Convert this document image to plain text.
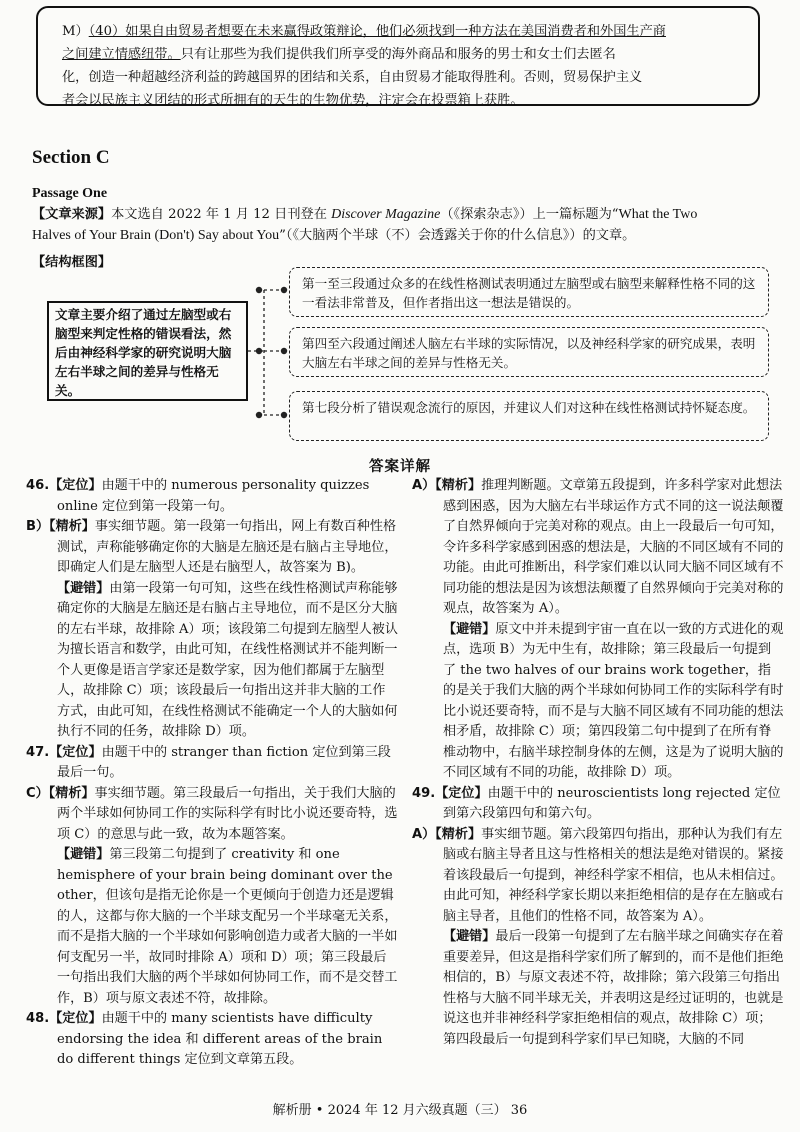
M）（40）如果自由贸易者想要在未来赢得政策辩论，他们必须找到一种方法在美国消费者和外国生产商
之间建立情感纽带。只有让那些为我们提供我们所享受的海外商品和服务的男士和女士们去匿名
化，创造一种超越经济利益的跨越国界的团结和关系，自由贸易才能取得胜利。否则，贸易保护主义
者会以民族主义团结的形式所拥有的天生的生物优势，注定会在投票箱上获胜。
Section C
Passage One
【文章来源】本文选自 2022 年 1 月 12 日刊登在 Discover Magazine（《探索杂志》）上一篇标题为“What the Two
Halves of Your Brain (Don't) Say about You”（《大脑两个半球（不）会透露关于你的什么信息》）的文章。
【结构框图】
文章主要介绍了通过左脑型或右脑型来判定性格的错误看法，然后由神经科学家的研究说明大脑左右半球之间的差异与性格无关。
第一至三段通过众多的在线性格测试表明通过左脑型或右脑型来解释性格不同的这一看法非常普及，但作者指出这一想法是错误的。
第四至六段通过阐述人脑左右半球的实际情况，以及神经科学家的研究成果，表明大脑左右半球之间的差异与性格无关。
第七段分析了错误观念流行的原因，并建议人们对这种在线性格测试持怀疑态度。
答案详解

46.【定位】由题干中的 numerous personality quizzes online 定位到第一段第一句。

B）【精析】事实细节题。第一段第一句指出，网上有数百种性格测试，声称能够确定你的大脑是左脑还是右脑占主导地位，即确定人们是左脑型人还是右脑型人，故答案为 B)。

【避错】由第一段第一句可知，这些在线性格测试声称能够确定你的大脑是左脑还是右脑占主导地位，而不是区分大脑的左右半球，故排除 A）项；该段第二句提到左脑型人被认为擅长语言和数学，由此可知，在线性格测试并不能判断一个人更像是语言学家还是数学家，因为他们都属于左脑型人，故排除 C）项；该段最后一句指出这并非大脑的工作方式，由此可知，在线性格测试不能确定一个人的大脑如何执行不同的任务，故排除 D）项。

47.【定位】由题干中的 stranger than fiction 定位到第三段最后一句。

C）【精析】事实细节题。第三段最后一句指出，关于我们大脑的两个半球如何协同工作的实际科学有时比小说还要奇特，选项 C）的意思与此一致，故为本题答案。

【避错】第三段第二句提到了 creativity 和 one hemisphere of your brain being dominant over the other，但该句是指无论你是一个更倾向于创造力还是逻辑的人，这都与你大脑的一个半球支配另一个半球毫无关系，而不是指大脑的一个半球如何影响创造力或者大脑的一半如何支配另一半，故同时排除 A）项和 D）项；第三段最后一句指出我们大脑的两个半球如何协同工作，而不是交替工作，B）项与原文表述不符，故排除。

48.【定位】由题干中的 many scientists have difficulty endorsing the idea 和 different areas of the brain do different things 定位到文章第五段。

A）【精析】推理判断题。文章第五段提到，许多科学家对此想法感到困惑，因为大脑左右半球运作方式不同的这一说法颠覆了自然界倾向于完美对称的观点。由上一段最后一句可知，令许多科学家感到困惑的想法是，大脑的不同区域有不同的功能。由此可推断出，科学家们难以认同大脑不同区域有不同功能的想法是因为该想法颠覆了自然界倾向于完美对称的观点，故答案为 A）。

【避错】原文中并未提到宇宙一直在以一致的方式进化的观点，选项 B）为无中生有，故排除；第三段最后一句提到了 the two halves of our brains work together，指的是关于我们大脑的两个半球如何协同工作的实际科学有时比小说还要奇特，而不是与大脑不同区域有不同功能的想法相矛盾，故排除 C）项；第四段第二句中提到了在所有脊椎动物中，右脑半球控制身体的左侧，这是为了说明大脑的不同区域有不同的功能，故排除 D）项。

49.【定位】由题干中的 neuroscientists long rejected 定位到第六段第四句和第六句。

A）【精析】事实细节题。第六段第四句指出，那种认为我们有左脑或右脑主导者且这与性格相关的想法是绝对错误的。紧接着该段最后一句提到，神经科学家不相信，也从未相信过。由此可知，神经科学家长期以来拒绝相信的是存在左脑或右脑主导者，且他们的性格不同，故答案为 A）。

【避错】最后一段第一句提到了左右脑半球之间确实存在着重要差异，但这是指科学家们所了解到的，而不是他们拒绝相信的，B）与原文表述不符，故排除；第六段第三句指出性格与大脑不同半球无关，并表明这是经过证明的，也就是说这也并非神经科学家拒绝相信的观点，故排除 C）项；第四段最后一句提到科学家们早已知晓，大脑的不同

解析册 • 2024 年 12 月六级真题（三） 36
